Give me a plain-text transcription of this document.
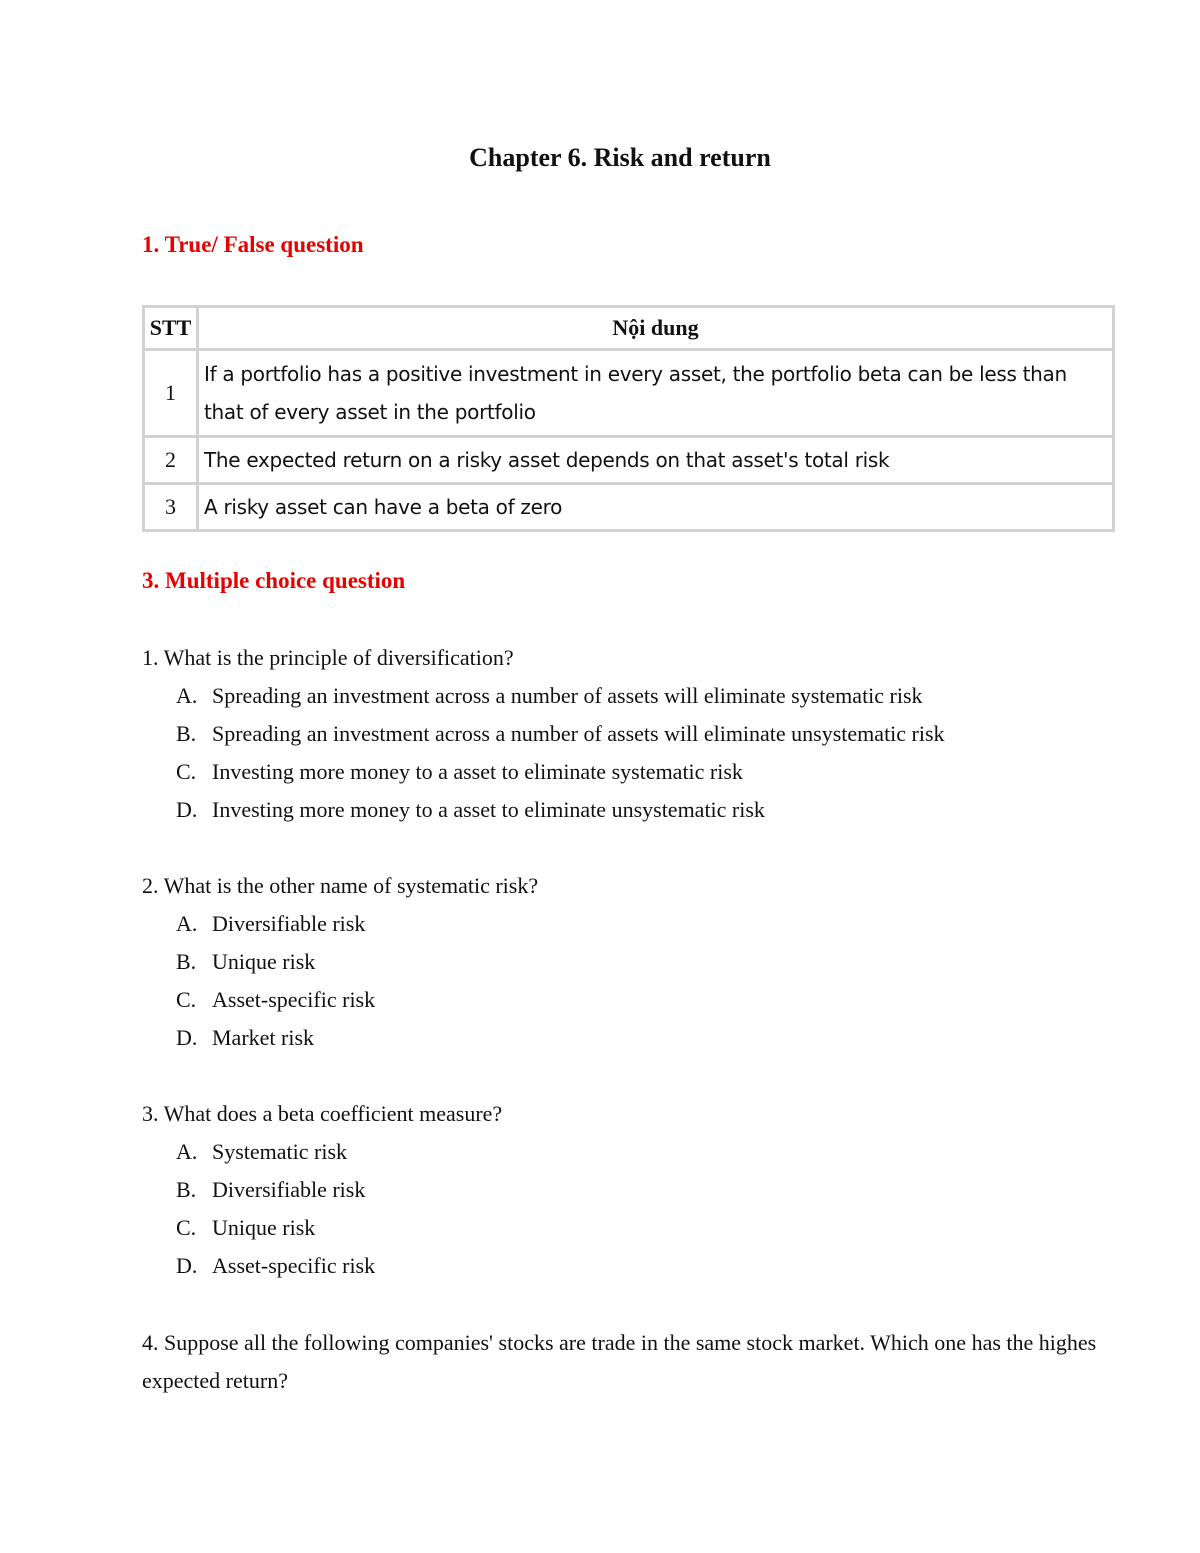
Chapter 6. Risk and return
1. True/ False question
STT	Nội dung
1	If a portfolio has a positive investment in every asset, the portfolio beta can be less than that of every asset in the portfolio
2	The expected return on a risky asset depends on that asset's total risk
3	A risky asset can have a beta of zero
3. Multiple choice question
1. What is the principle of diversification?
A. Spreading an investment across a number of assets will eliminate systematic risk
B. Spreading an investment across a number of assets will eliminate unsystematic risk
C. Investing more money to a asset to eliminate systematic risk
D. Investing more money to a asset to eliminate unsystematic risk
2. What is the other name of systematic risk?
A. Diversifiable risk
B. Unique risk
C. Asset-specific risk
D. Market risk
3. What does a beta coefficient measure?
A. Systematic risk
B. Diversifiable risk
C. Unique risk
D. Asset-specific risk
4. Suppose all the following companies' stocks are trade in the same stock market. Which one has the highes expected return?
